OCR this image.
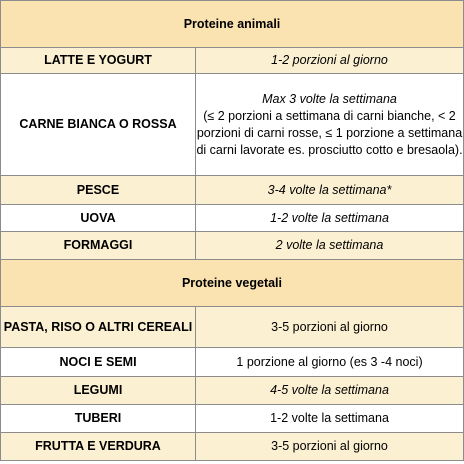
Proteine animali	
LATTE E YOGURT	1-2 porzioni al giorno
CARNE BIANCA O ROSSA	Max 3 volte la settimana
(≤ 2 porzioni a settimana di carni bianche, < 2 porzioni di carni rosse, ≤ 1 porzione a settimana di carni lavorate es. prosciutto cotto e bresaola).

PESCE	3-4 volte la settimana*
UOVA	1-2 volte la settimana
FORMAGGI	2 volte la settimana
Proteine vegetali	
PASTA, RISO O ALTRI CEREALI	3-5 porzioni al giorno
NOCI E SEMI	1 porzione al giorno (es 3 -4 noci)
LEGUMI	4-5 volte la settimana
TUBERI	1-2 volte la settimana
FRUTTA E VERDURA	3-5 porzioni al giorno
